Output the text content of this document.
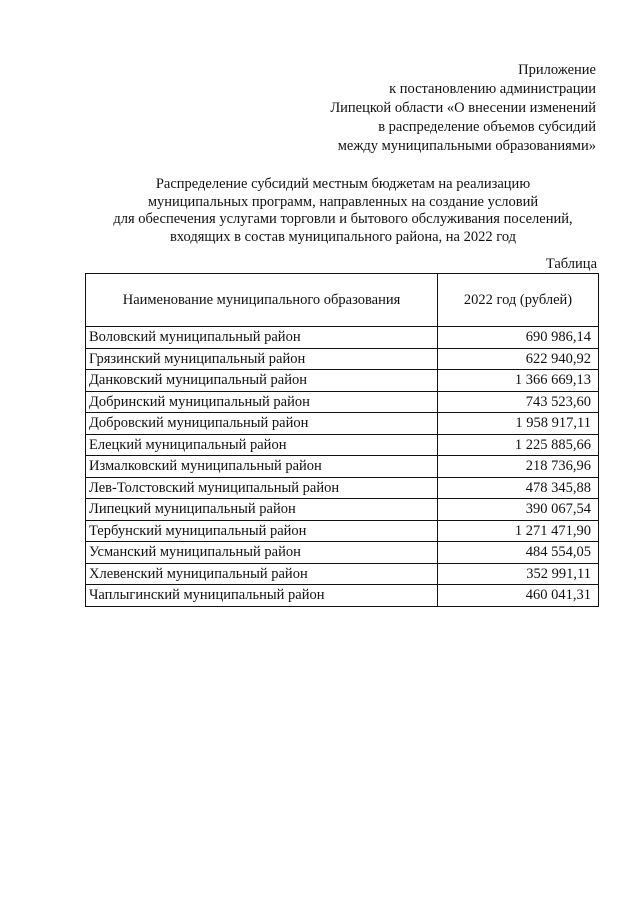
Приложение
к постановлению администрации
Липецкой области «О внесении изменений
в распределение объемов субсидий
между муниципальными образованиями»
Распределение субсидий местным бюджетам на реализацию
муниципальных программ, направленных на создание условий
для обеспечения услугами торговли и бытового обслуживания поселений,
входящих в состав муниципального района, на 2022 год
Таблица
Наименование муниципального образования	2022 год (рублей)
Воловский муниципальный район	690 986,14
Грязинский муниципальный район	622 940,92
Данковский муниципальный район	1 366 669,13
Добринский муниципальный район	743 523,60
Добровский муниципальный район	1 958 917,11
Елецкий муниципальный район	1 225 885,66
Измалковский муниципальный район	218 736,96
Лев-Толстовский муниципальный район	478 345,88
Липецкий муниципальный район	390 067,54
Тербунский муниципальный район	1 271 471,90
Усманский муниципальный район	484 554,05
Хлевенский муниципальный район	352 991,11
Чаплыгинский муниципальный район	460 041,31
